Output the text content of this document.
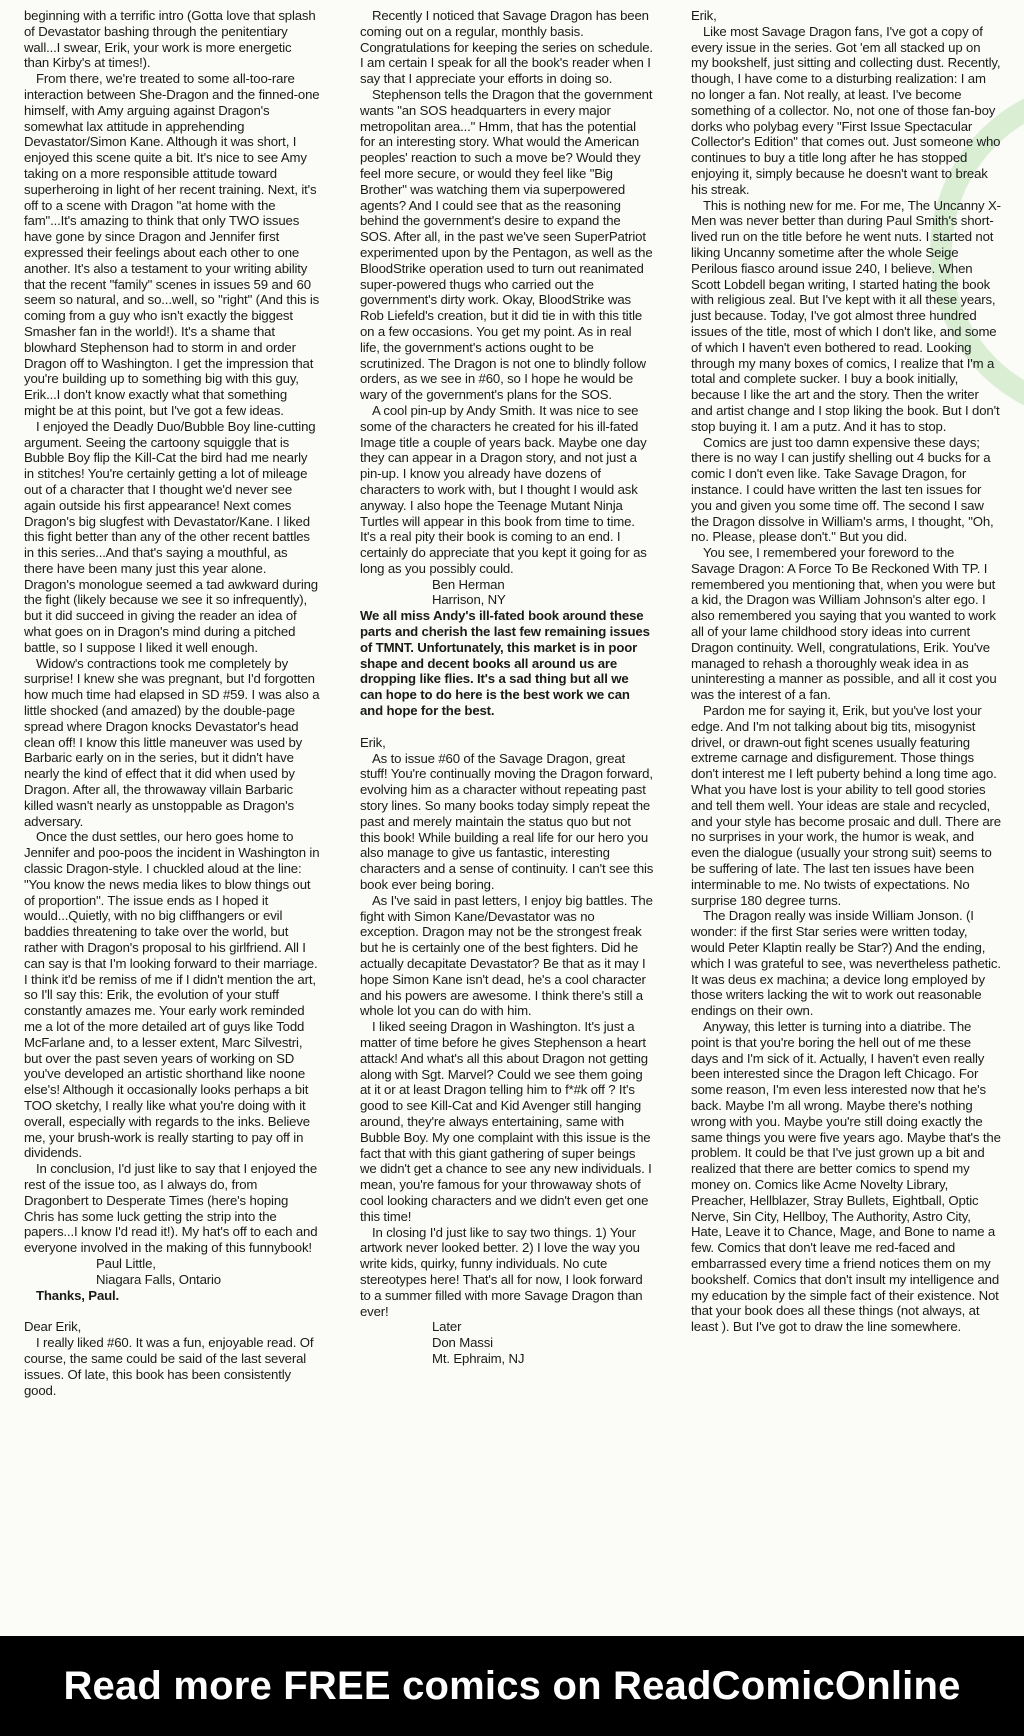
beginning with a terrific intro (Gotta love that splash of Devastator bashing through the penitentiary wall...I swear, Erik, your work is more energetic than Kirby's at times!).

From there, we're treated to some all-too-rare interaction between She-Dragon and the finned-one himself, with Amy arguing against Dragon's somewhat lax attitude in apprehending Devastator/Simon Kane. Although it was short, I enjoyed this scene quite a bit. It's nice to see Amy taking on a more responsible attitude toward superheroing in light of her recent training. Next, it's off to a scene with Dragon "at home with the fam"...It's amazing to think that only TWO issues have gone by since Dragon and Jennifer first expressed their feelings about each other to one another. It's also a testament to your writing ability that the recent "family" scenes in issues 59 and 60 seem so natural, and so...well, so "right" (And this is coming from a guy who isn't exactly the biggest Smasher fan in the world!). It's a shame that blowhard Stephenson had to storm in and order Dragon off to Washington. I get the impression that you're building up to something big with this guy, Erik...I don't know exactly what that something might be at this point, but I've got a few ideas.

I enjoyed the Deadly Duo/Bubble Boy line-cutting argument. Seeing the cartoony squiggle that is Bubble Boy flip the Kill-Cat the bird had me nearly in stitches! You're certainly getting a lot of mileage out of a character that I thought we'd never see again outside his first appearance! Next comes Dragon's big slugfest with Devastator/Kane. I liked this fight better than any of the other recent battles in this series...And that's saying a mouthful, as there have been many just this year alone. Dragon's monologue seemed a tad awkward during the fight (likely because we see it so infrequently), but it did succeed in giving the reader an idea of what goes on in Dragon's mind during a pitched battle, so I suppose I liked it well enough.

Widow's contractions took me completely by surprise! I knew she was pregnant, but I'd forgotten how much time had elapsed in SD #59. I was also a little shocked (and amazed) by the double-page spread where Dragon knocks Devastator's head clean off! I know this little maneuver was used by Barbaric early on in the series, but it didn't have nearly the kind of effect that it did when used by Dragon. After all, the throwaway villain Barbaric killed wasn't nearly as unstoppable as Dragon's adversary.

Once the dust settles, our hero goes home to Jennifer and poo-poos the incident in Washington in classic Dragon-style. I chuckled aloud at the line: "You know the news media likes to blow things out of proportion". The issue ends as I hoped it would...Quietly, with no big cliffhangers or evil baddies threatening to take over the world, but rather with Dragon's proposal to his girlfriend. All I can say is that I'm looking forward to their marriage. I think it'd be remiss of me if I didn't mention the art, so I'll say this: Erik, the evolution of your stuff constantly amazes me. Your early work reminded me a lot of the more detailed art of guys like Todd McFarlane and, to a lesser extent, Marc Silvestri, but over the past seven years of working on SD you've developed an artistic shorthand like noone else's! Although it occasionally looks perhaps a bit TOO sketchy, I really like what you're doing with it overall, especially with regards to the inks. Believe me, your brush-work is really starting to pay off in dividends.

In conclusion, I'd just like to say that I enjoyed the rest of the issue too, as I always do, from Dragonbert to Desperate Times (here's hoping Chris has some luck getting the strip into the papers...I know I'd read it!). My hat's off to each and everyone involved in the making of this funnybook!

Paul Little,

Niagara Falls, Ontario

Thanks, Paul.

Dear Erik,

I really liked #60. It was a fun, enjoyable read. Of course, the same could be said of the last several issues. Of late, this book has been consistently good.

Recently I noticed that Savage Dragon has been coming out on a regular, monthly basis. Congratulations for keeping the series on schedule. I am certain I speak for all the book's reader when I say that I appreciate your efforts in doing so.

Stephenson tells the Dragon that the government wants "an SOS headquarters in every major metropolitan area..." Hmm, that has the potential for an interesting story. What would the American peoples' reaction to such a move be? Would they feel more secure, or would they feel like "Big Brother" was watching them via superpowered agents? And I could see that as the reasoning behind the government's desire to expand the SOS. After all, in the past we've seen SuperPatriot experimented upon by the Pentagon, as well as the BloodStrike operation used to turn out reanimated super-powered thugs who carried out the government's dirty work. Okay, BloodStrike was Rob Liefeld's creation, but it did tie in with this title on a few occasions. You get my point. As in real life, the government's actions ought to be scrutinized. The Dragon is not one to blindly follow orders, as we see in #60, so I hope he would be wary of the government's plans for the SOS.

A cool pin-up by Andy Smith. It was nice to see some of the characters he created for his ill-fated Image title a couple of years back. Maybe one day they can appear in a Dragon story, and not just a pin-up. I know you already have dozens of characters to work with, but I thought I would ask anyway. I also hope the Teenage Mutant Ninja Turtles will appear in this book from time to time. It's a real pity their book is coming to an end. I certainly do appreciate that you kept it going for as long as you possibly could.

Ben Herman

Harrison, NY

We all miss Andy's ill-fated book around these parts and cherish the last few remaining issues of TMNT. Unfortunately, this market is in poor shape and decent books all around us are dropping like flies. It's a sad thing but all we can hope to do here is the best work we can and hope for the best.

Erik,

As to issue #60 of the Savage Dragon, great stuff! You're continually moving the Dragon forward, evolving him as a character without repeating past story lines. So many books today simply repeat the past and merely maintain the status quo but not this book! While building a real life for our hero you also manage to give us fantastic, interesting characters and a sense of continuity. I can't see this book ever being boring.

As I've said in past letters, I enjoy big battles. The fight with Simon Kane/Devastator was no exception. Dragon may not be the strongest freak but he is certainly one of the best fighters. Did he actually decapitate Devastator? Be that as it may I hope Simon Kane isn't dead, he's a cool character and his powers are awesome. I think there's still a whole lot you can do with him.

I liked seeing Dragon in Washington. It's just a matter of time before he gives Stephenson a heart attack! And what's all this about Dragon not getting along with Sgt. Marvel? Could we see them going at it or at least Dragon telling him to f*#k off ? It's good to see Kill-Cat and Kid Avenger still hanging around, they're always entertaining, same with Bubble Boy. My one complaint with this issue is the fact that with this giant gathering of super beings we didn't get a chance to see any new individuals. I mean, you're famous for your throwaway shots of cool looking characters and we didn't even get one this time!

In closing I'd just like to say two things. 1) Your artwork never looked better. 2) I love the way you write kids, quirky, funny individuals. No cute stereotypes here! That's all for now, I look forward to a summer filled with more Savage Dragon than ever!

Later

Don Massi

Mt. Ephraim, NJ

Erik,

Like most Savage Dragon fans, I've got a copy of every issue in the series. Got 'em all stacked up on my bookshelf, just sitting and collecting dust. Recently, though, I have come to a disturbing realization: I am no longer a fan. Not really, at least. I've become something of a collector. No, not one of those fan-boy dorks who polybag every "First Issue Spectacular Collector's Edition" that comes out. Just someone who continues to buy a title long after he has stopped enjoying it, simply because he doesn't want to break his streak.

This is nothing new for me. For me, The Uncanny X-Men was never better than during Paul Smith's short-lived run on the title before he went nuts. I started not liking Uncanny sometime after the whole Seige Perilous fiasco around issue 240, I believe. When Scott Lobdell began writing, I started hating the book with religious zeal. But I've kept with it all these years, just because. Today, I've got almost three hundred issues of the title, most of which I don't like, and some of which I haven't even bothered to read. Looking through my many boxes of comics, I realize that I'm a total and complete sucker. I buy a book initially, because I like the art and the story. Then the writer and artist change and I stop liking the book. But I don't stop buying it. I am a putz. And it has to stop.

Comics are just too damn expensive these days; there is no way I can justify shelling out 4 bucks for a comic I don't even like. Take Savage Dragon, for instance. I could have written the last ten issues for you and given you some time off. The second I saw the Dragon dissolve in William's arms, I thought, "Oh, no. Please, please don't." But you did.

You see, I remembered your foreword to the Savage Dragon: A Force To Be Reckoned With TP. I remembered you mentioning that, when you were but a kid, the Dragon was William Johnson's alter ego. I also remembered you saying that you wanted to work all of your lame childhood story ideas into current Dragon continuity. Well, congratulations, Erik. You've managed to rehash a thoroughly weak idea in as uninteresting a manner as possible, and all it cost you was the interest of a fan.

Pardon me for saying it, Erik, but you've lost your edge. And I'm not talking about big tits, misogynist drivel, or drawn-out fight scenes usually featuring extreme carnage and disfigurement. Those things don't interest me I left puberty behind a long time ago. What you have lost is your ability to tell good stories and tell them well. Your ideas are stale and recycled, and your style has become prosaic and dull. There are no surprises in your work, the humor is weak, and even the dialogue (usually your strong suit) seems to be suffering of late. The last ten issues have been interminable to me. No twists of expectations. No surprise 180 degree turns.

The Dragon really was inside William Jonson. (I wonder: if the first Star series were written today, would Peter Klaptin really be Star?) And the ending, which I was grateful to see, was nevertheless pathetic. It was deus ex machina; a device long employed by those writers lacking the wit to work out reasonable endings on their own.

Anyway, this letter is turning into a diatribe. The point is that you're boring the hell out of me these days and I'm sick of it. Actually, I haven't even really been interested since the Dragon left Chicago. For some reason, I'm even less interested now that he's back. Maybe I'm all wrong. Maybe there's nothing wrong with you. Maybe you're still doing exactly the same things you were five years ago. Maybe that's the problem. It could be that I've just grown up a bit and realized that there are better comics to spend my money on. Comics like Acme Novelty Library, Preacher, Hellblazer, Stray Bullets, Eightball, Optic Nerve, Sin City, Hellboy, The Authority, Astro City, Hate, Leave it to Chance, Mage, and Bone to name a few. Comics that don't leave me red-faced and embarrassed every time a friend notices them on my bookshelf. Comics that don't insult my intelligence and my education by the simple fact of their existence. Not that your book does all these things (not always, at least ). But I've got to draw the line somewhere.

Read more FREE comics on ReadComicOnline
